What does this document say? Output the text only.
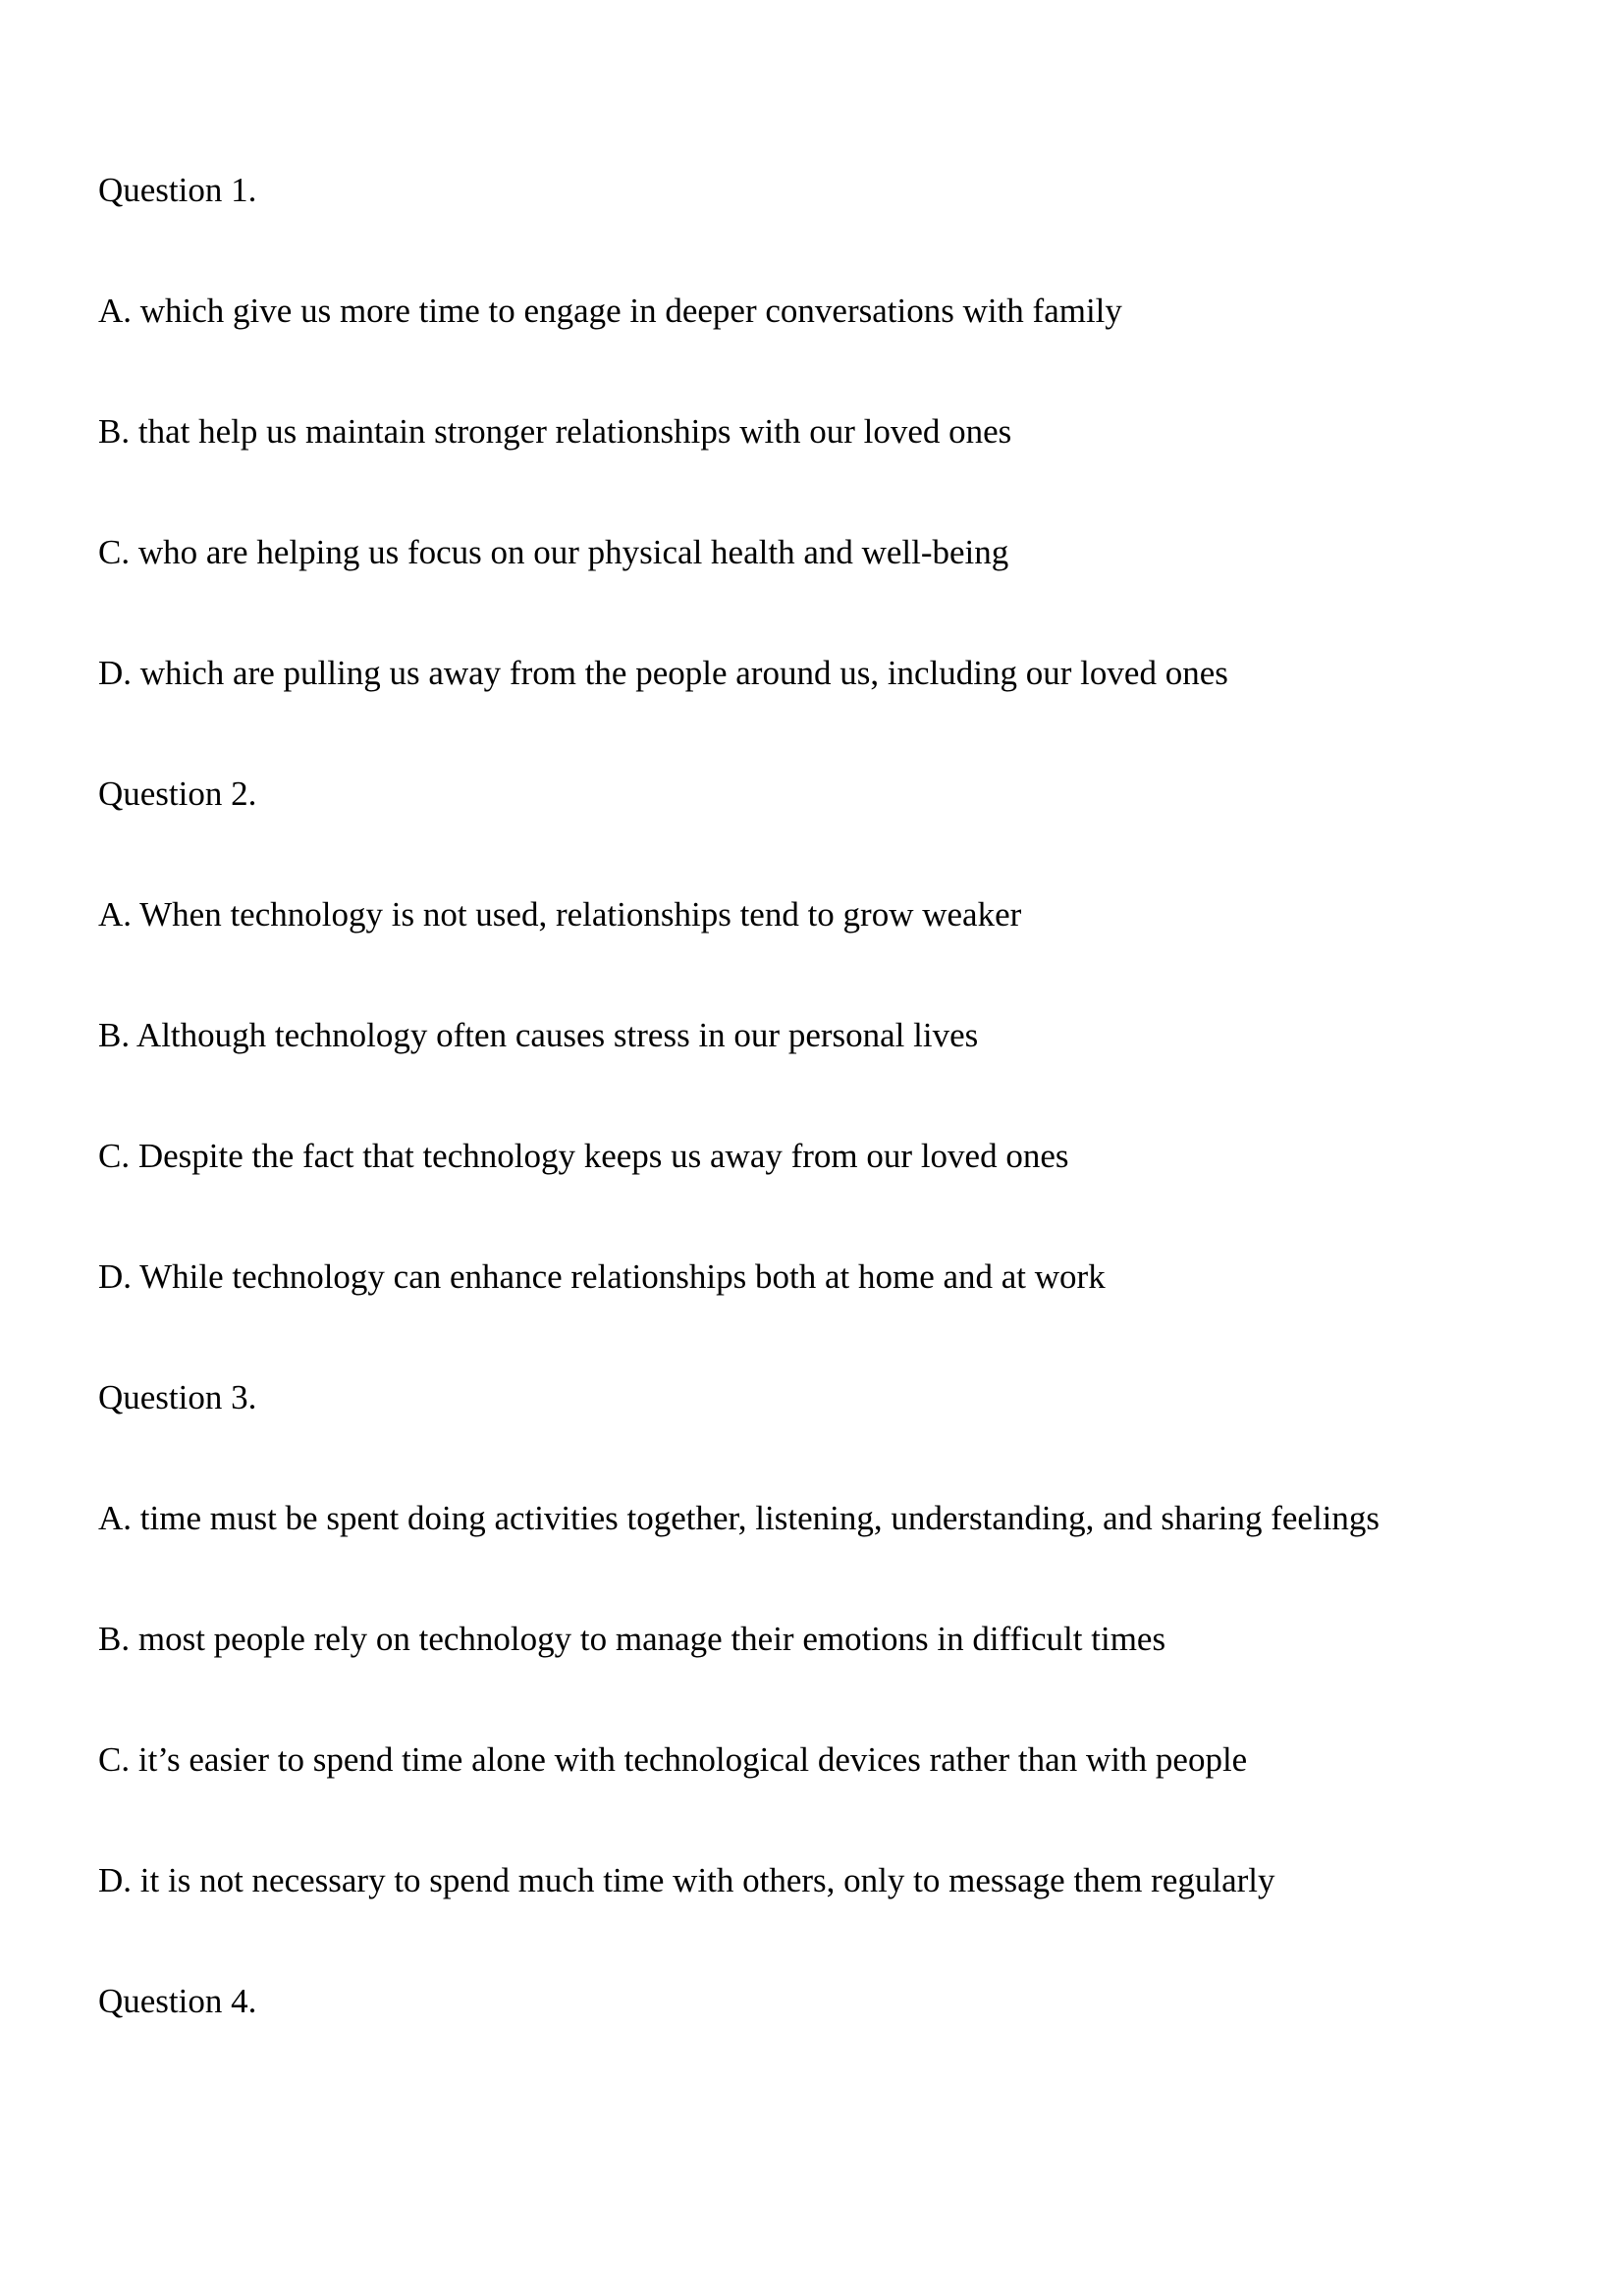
Question 1.

A. which give us more time to engage in deeper conversations with family

B. that help us maintain stronger relationships with our loved ones

C. who are helping us focus on our physical health and well-being

D. which are pulling us away from the people around us, including our loved ones

Question 2.

A. When technology is not used, relationships tend to grow weaker

B. Although technology often causes stress in our personal lives

C. Despite the fact that technology keeps us away from our loved ones

D. While technology can enhance relationships both at home and at work

Question 3.

A. time must be spent doing activities together, listening, understanding, and sharing feelings

B. most people rely on technology to manage their emotions in difficult times

C. it’s easier to spend time alone with technological devices rather than with people

D. it is not necessary to spend much time with others, only to message them regularly

Question 4.
